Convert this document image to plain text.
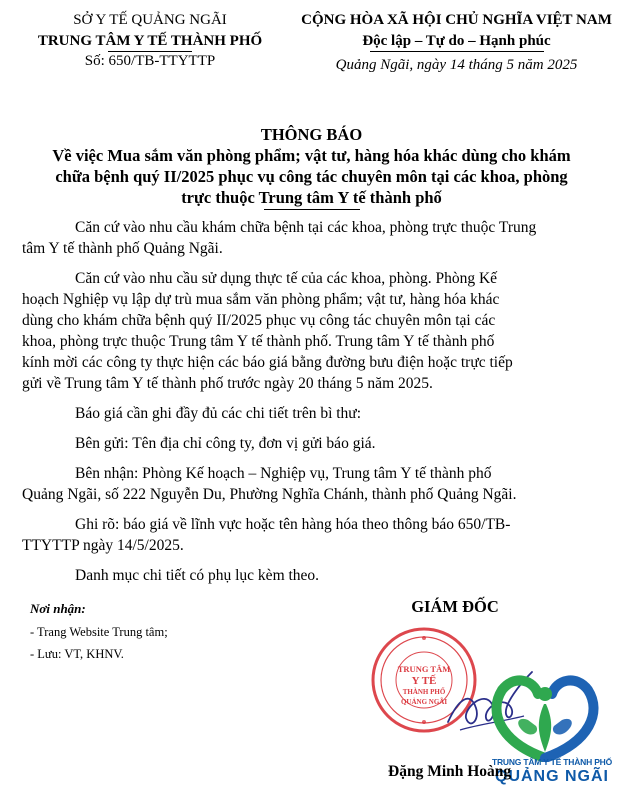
SỞ Y TẾ QUẢNG NGÃI
TRUNG TÂM Y TẾ THÀNH PHỐ
Số: 650/TB-TTYTTP
CỘNG HÒA XÃ HỘI CHỦ NGHĨA VIỆT NAM
Độc lập – Tự do – Hạnh phúc
Quảng Ngãi, ngày 14 tháng 5 năm 2025
THÔNG BÁO
Về việc Mua sắm văn phòng phẩm; vật tư, hàng hóa khác dùng cho khám
chữa bệnh quý II/2025 phục vụ công tác chuyên môn tại các khoa, phòng
trực thuộc Trung tâm Y tế thành phố

Căn cứ vào nhu cầu khám chữa bệnh tại các khoa, phòng trực thuộc Trung
tâm Y tế thành phố Quảng Ngãi.

Căn cứ vào nhu cầu sử dụng thực tế của các khoa, phòng. Phòng Kế
hoạch Nghiệp vụ lập dự trù mua sắm văn phòng phẩm; vật tư, hàng hóa khác
dùng cho khám chữa bệnh quý II/2025 phục vụ công tác chuyên môn tại các
khoa, phòng trực thuộc Trung tâm Y tế thành phố. Trung tâm Y tế thành phố
kính mời các công ty thực hiện các báo giá bằng đường bưu điện hoặc trực tiếp
gửi về Trung tâm Y tế thành phố trước ngày 20 tháng 5 năm 2025.

Báo giá cần ghi đầy đủ các chi tiết trên bì thư:

Bên gửi: Tên địa chỉ công ty, đơn vị gửi báo giá.

Bên nhận: Phòng Kế hoạch – Nghiệp vụ, Trung tâm Y tế thành phố
Quảng Ngãi, số 222 Nguyễn Du, Phường Nghĩa Chánh, thành phố Quảng Ngãi.

Ghi rõ: báo giá về lĩnh vực hoặc tên hàng hóa theo thông báo 650/TB-
TTYTTP ngày 14/5/2025.

Danh mục chi tiết có phụ lục kèm theo.

Nơi nhận:
- Trang Website Trung tâm;
- Lưu: VT, KHNV.
GIÁM ĐỐC
TRUNG TÂM
Y TẾ
THÀNH PHỐ
QUẢNG NGÃI
TRUNG TÂM Y TẾ THÀNH PHỐ
QUẢNG NGÃI
Đặng Minh Hoàng
